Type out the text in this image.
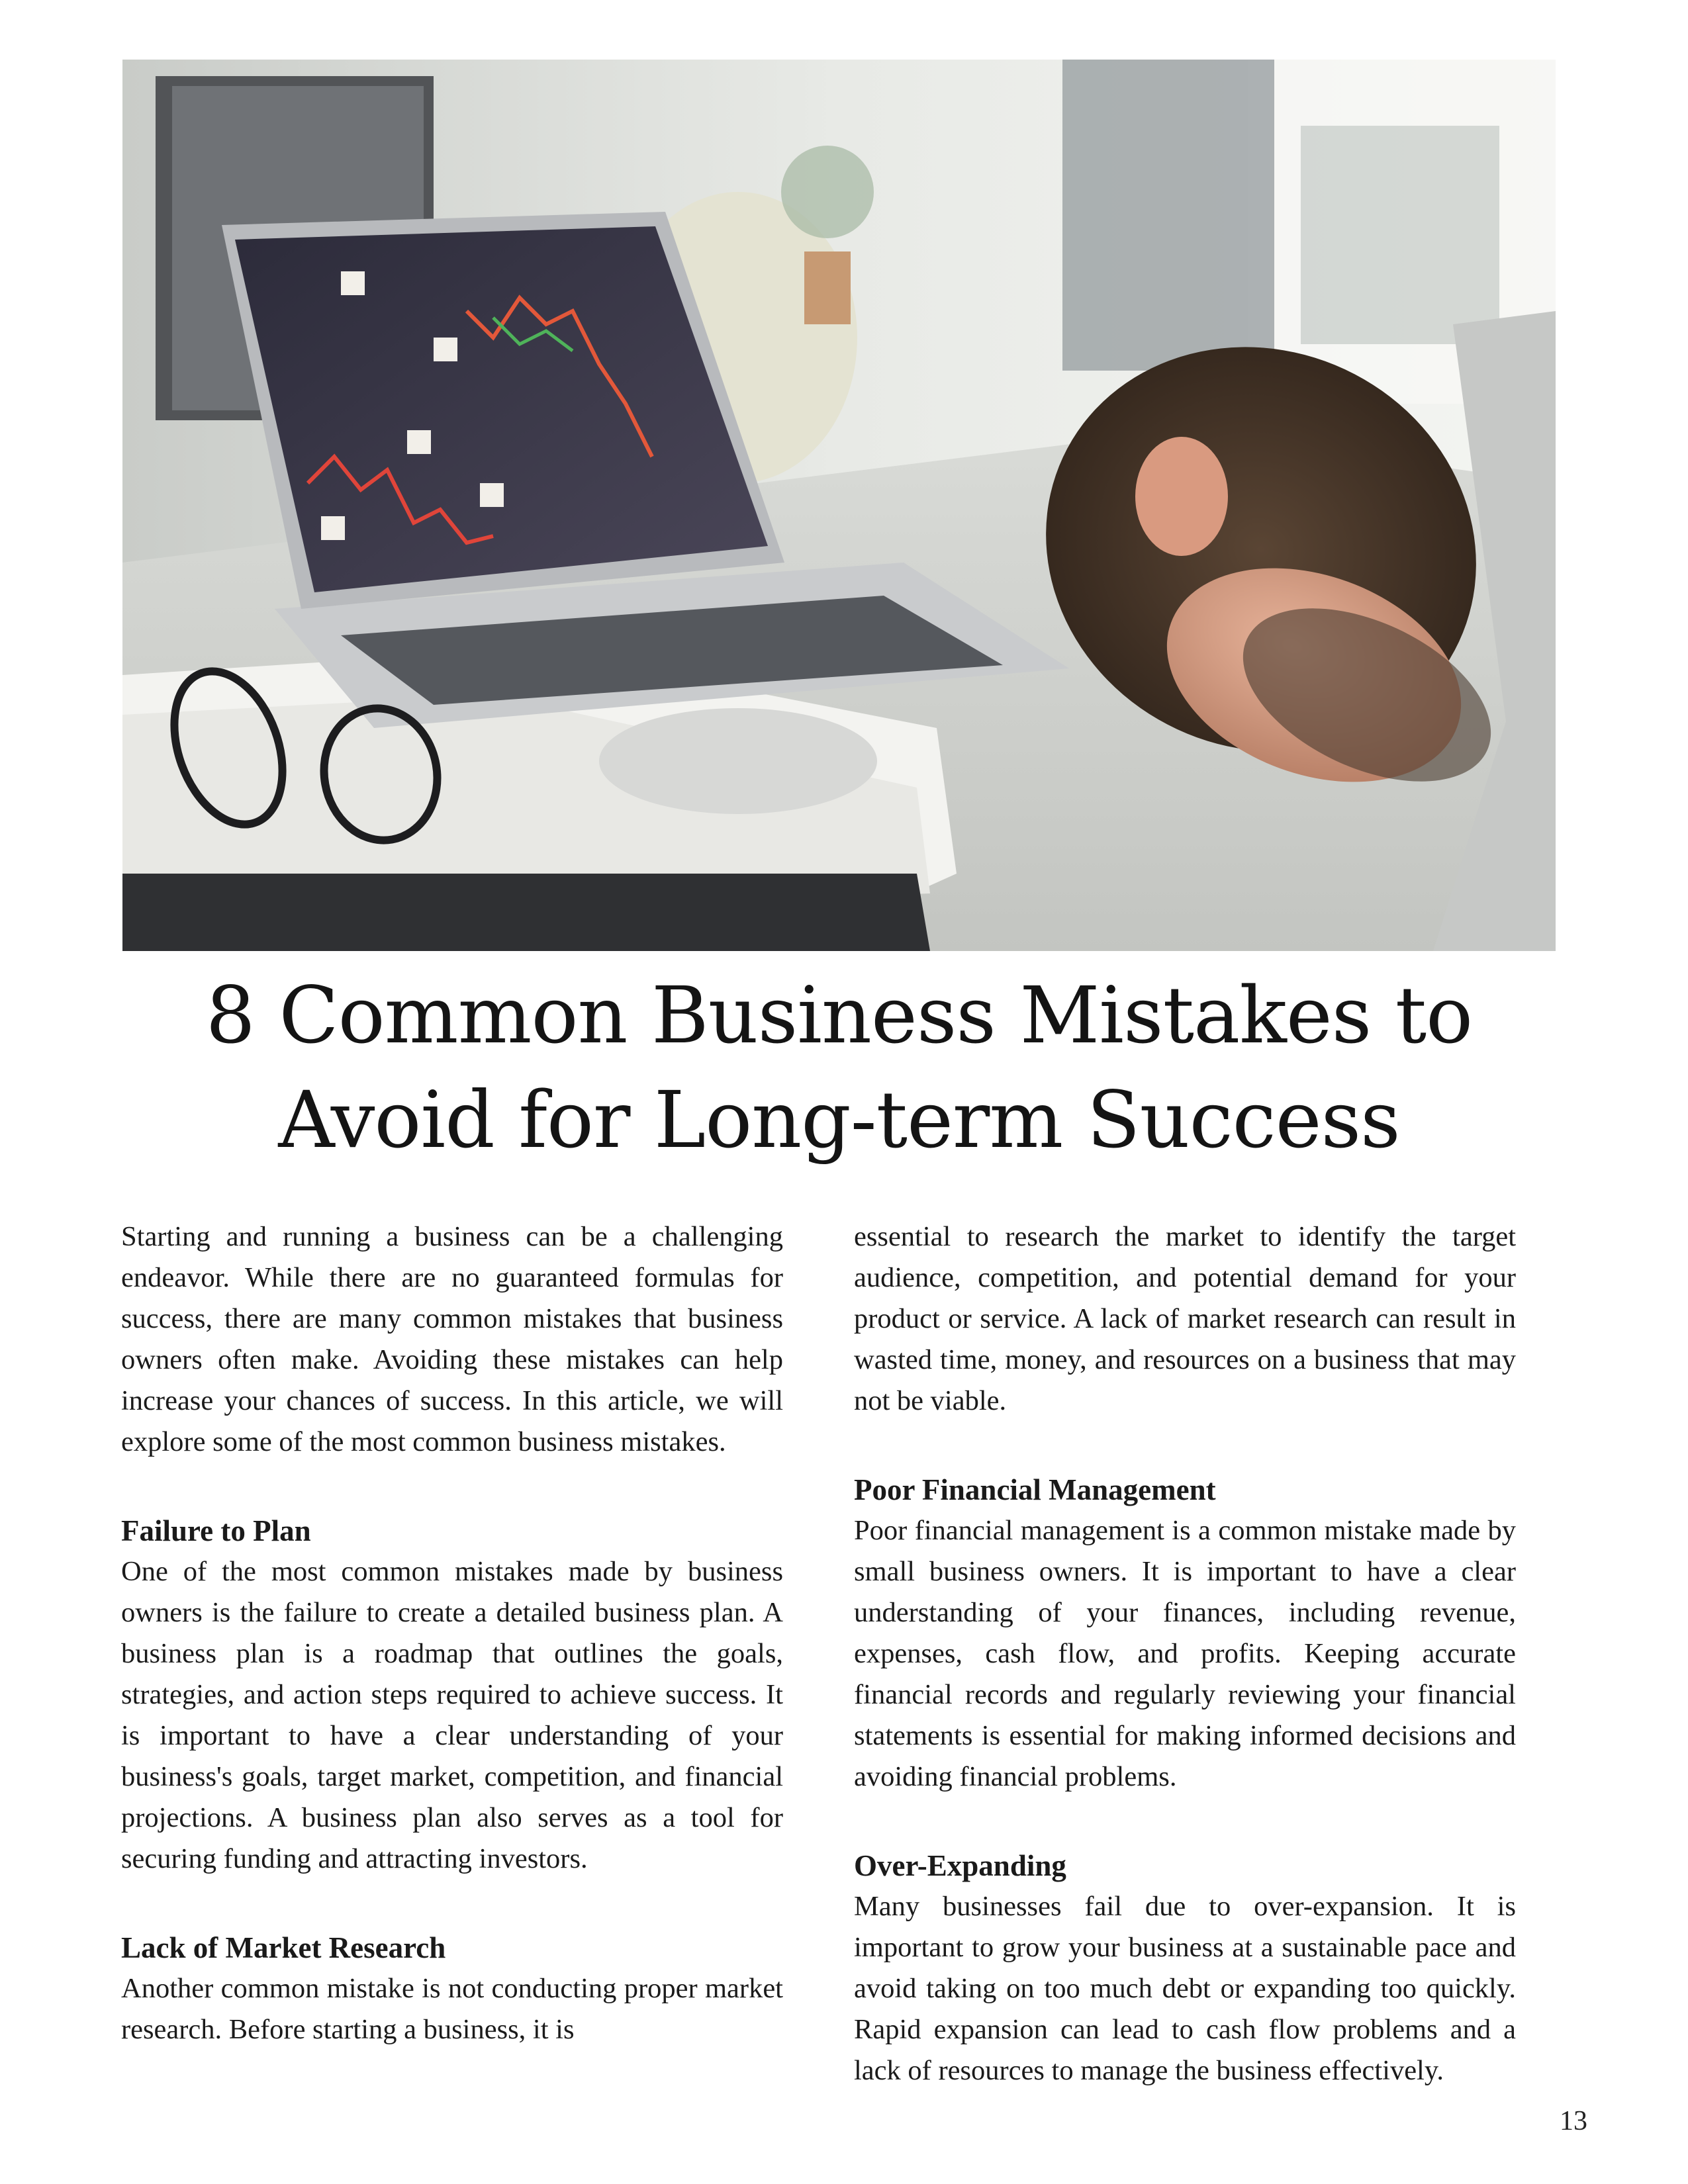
8 Common Business Mistakes to
Avoid for Long-term Success

Starting and running a business can be a challenging endeavor. While there are no guaranteed formulas for success, there are many common mistakes that business owners often make. Avoiding these mistakes can help increase your chances of success. In this article, we will explore some of the most common business mistakes.

Failure to Plan

One of the most common mistakes made by business owners is the failure to create a detailed business plan. A business plan is a roadmap that outlines the goals, strategies, and action steps required to achieve success. It is important to have a clear understanding of your business's goals, target market, competition, and financial projections. A business plan also serves as a tool for securing funding and attracting investors.

Lack of Market Research

Another common mistake is not conducting proper market research. Before starting a business, it is

essential to research the market to identify the target audience, competition, and potential demand for your product or service. A lack of market research can result in wasted time, money, and resources on a business that may not be viable.

Poor Financial Management

Poor financial management is a common mistake made by small business owners. It is important to have a clear understanding of your finances, including revenue, expenses, cash flow, and profits. Keeping accurate financial records and regularly reviewing your financial statements is essential for making informed decisions and avoiding financial problems.

Over-Expanding

Many businesses fail due to over-expansion. It is important to grow your business at a sustainable pace and avoid taking on too much debt or expanding too quickly. Rapid expansion can lead to cash flow problems and a lack of resources to manage the business effectively.

13
